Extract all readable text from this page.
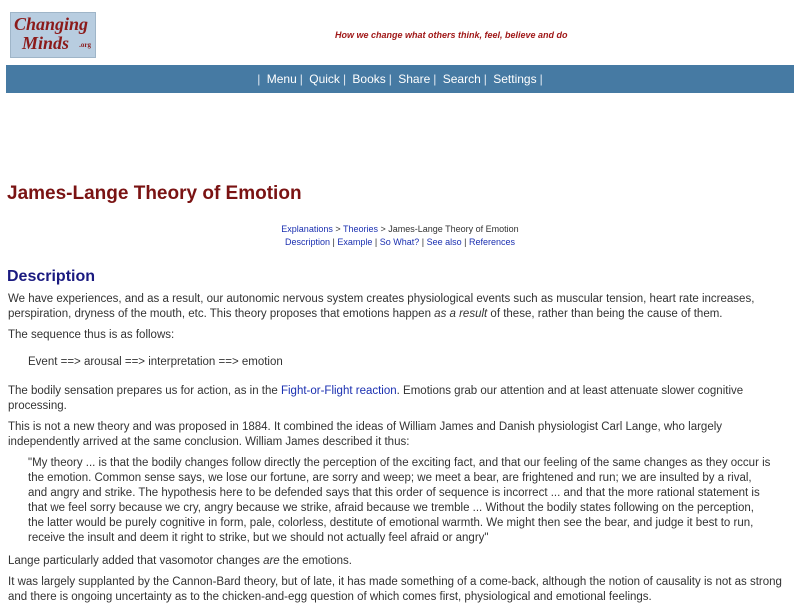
Changing
Minds	.org
How we change what others think, feel, believe and do
| Menu | Quick | Books | Share | Search | Settings |
James-Lange Theory of Emotion
Explanations > Theories > James-Lange Theory of Emotion
Description | Example | So What? | See also | References
Description

We have experiences, and as a result, our autonomic nervous system creates physiological events such as muscular tension, heart rate increases, perspiration, dryness of the mouth, etc. This theory proposes that emotions happen as a result of these, rather than being the cause of them.

The sequence thus is as follows:

Event ==> arousal ==> interpretation ==> emotion

The bodily sensation prepares us for action, as in the Fight-or-Flight reaction. Emotions grab our attention and at least attenuate slower cognitive processing.

This is not a new theory and was proposed in 1884. It combined the ideas of William James and Danish physiologist Carl Lange, who largely independently arrived at the same conclusion. William James described it thus:

"My theory ... is that the bodily changes follow directly the perception of the exciting fact, and that our feeling of the same changes as they occur is the emotion. Common sense says, we lose our fortune, are sorry and weep; we meet a bear, are frightened and run; we are insulted by a rival, and angry and strike. The hypothesis here to be defended says that this order of sequence is incorrect ... and that the more rational statement is that we feel sorry because we cry, angry because we strike, afraid because we tremble ... Without the bodily states following on the perception, the latter would be purely cognitive in form, pale, colorless, destitute of emotional warmth. We might then see the bear, and judge it best to run, receive the insult and deem it right to strike, but we should not actually feel afraid or angry"

Lange particularly added that vasomotor changes are the emotions.

It was largely supplanted by the Cannon-Bard theory, but of late, it has made something of a come-back, although the notion of causality is not as strong and there is ongoing uncertainty as to the chicken-and-egg question of which comes first, physiological and emotional feelings.
